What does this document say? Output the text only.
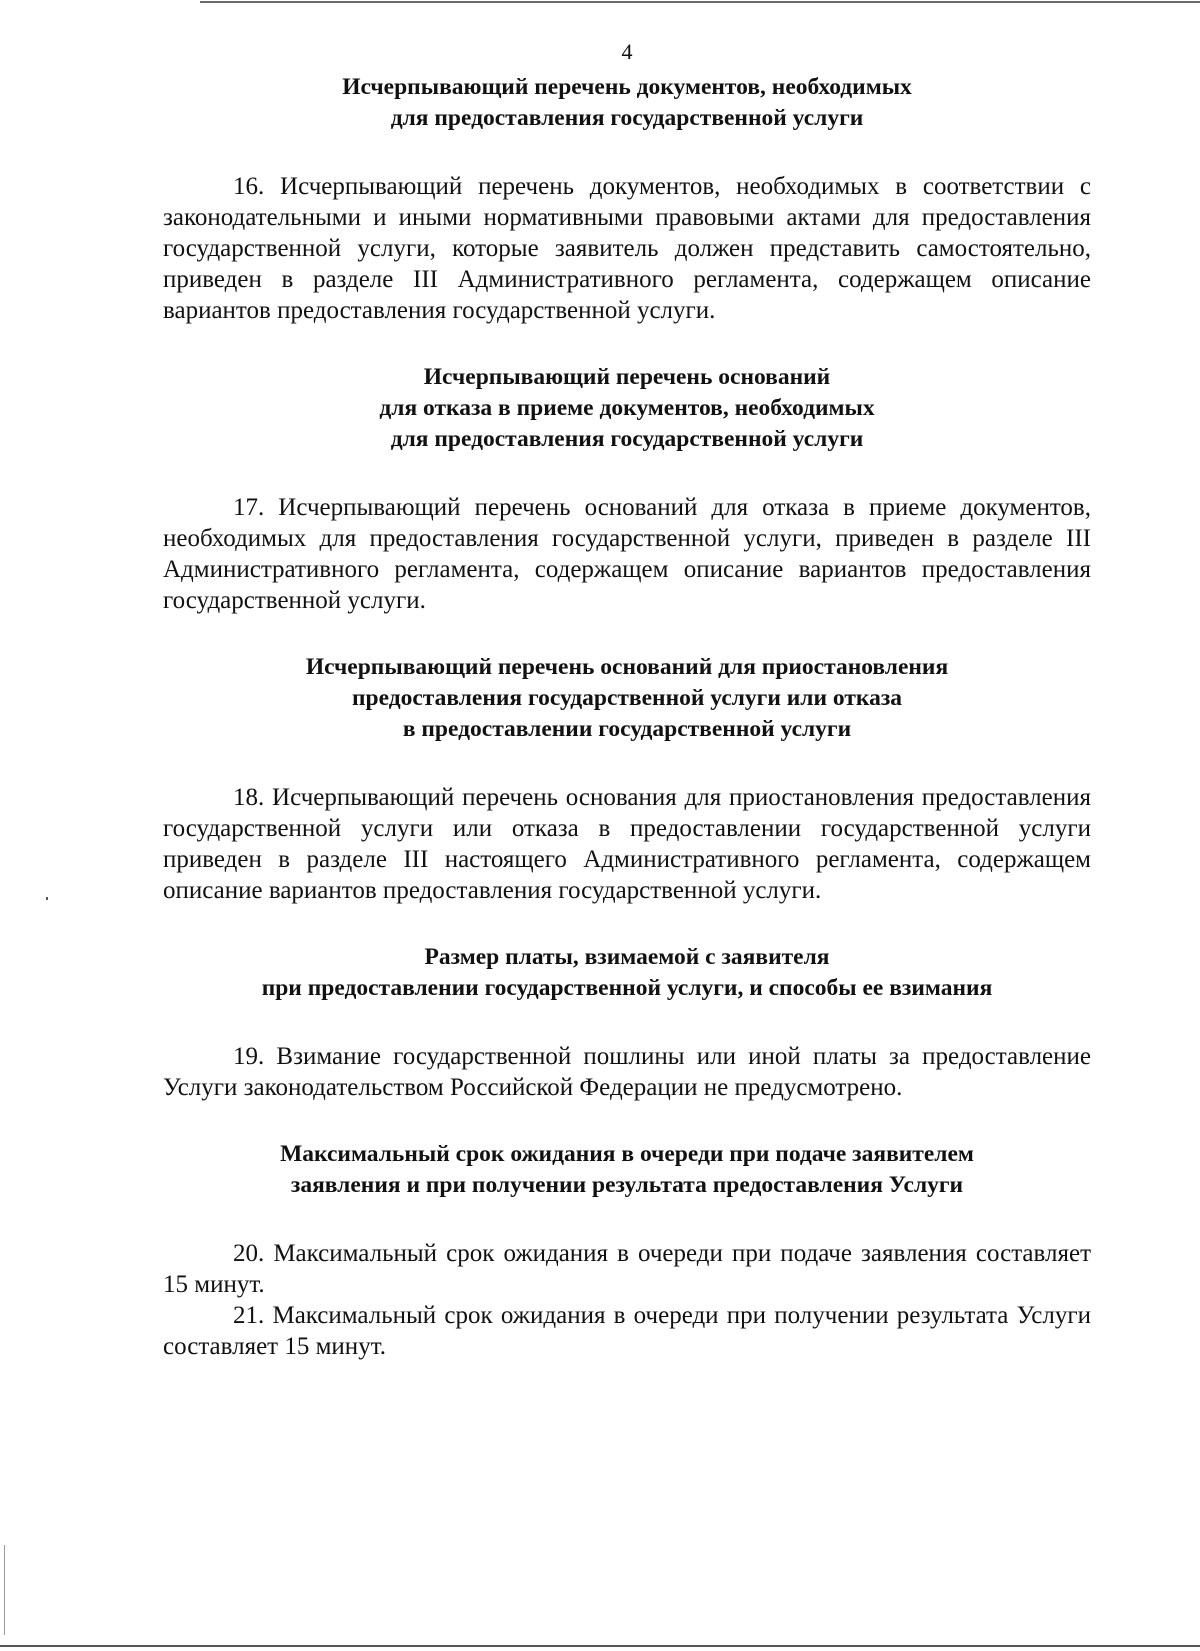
4
Исчерпывающий перечень документов, необходимых
для предоставления государственной услуги

16. Исчерпывающий перечень документов, необходимых в соответствии с законодательными и иными нормативными правовыми актами для предоставления государственной услуги, которые заявитель должен представить самостоятельно, приведен в разделе III Административного регламента, содержащем описание вариантов предоставления государственной услуги.

Исчерпывающий перечень оснований
для отказа в приеме документов, необходимых
для предоставления государственной услуги

17. Исчерпывающий перечень оснований для отказа в приеме документов, необходимых для предоставления государственной услуги, приведен в разделе III Административного регламента, содержащем описание вариантов предоставления государственной услуги.

Исчерпывающий перечень оснований для приостановления
предоставления государственной услуги или отказа
в предоставлении государственной услуги

18. Исчерпывающий перечень основания для приостановления предоставления государственной услуги или отказа в предоставлении государственной услуги приведен в разделе III настоящего Административного регламента, содержащем описание вариантов предоставления государственной услуги.

Размер платы, взимаемой с заявителя
при предоставлении государственной услуги, и способы ее взимания

19. Взимание государственной пошлины или иной платы за предоставление Услуги законодательством Российской Федерации не предусмотрено.

Максимальный срок ожидания в очереди при подаче заявителем
заявления и при получении результата предоставления Услуги

20. Максимальный срок ожидания в очереди при подаче заявления составляет 15 минут.

21. Максимальный срок ожидания в очереди при получении результата Услуги составляет 15 минут.
